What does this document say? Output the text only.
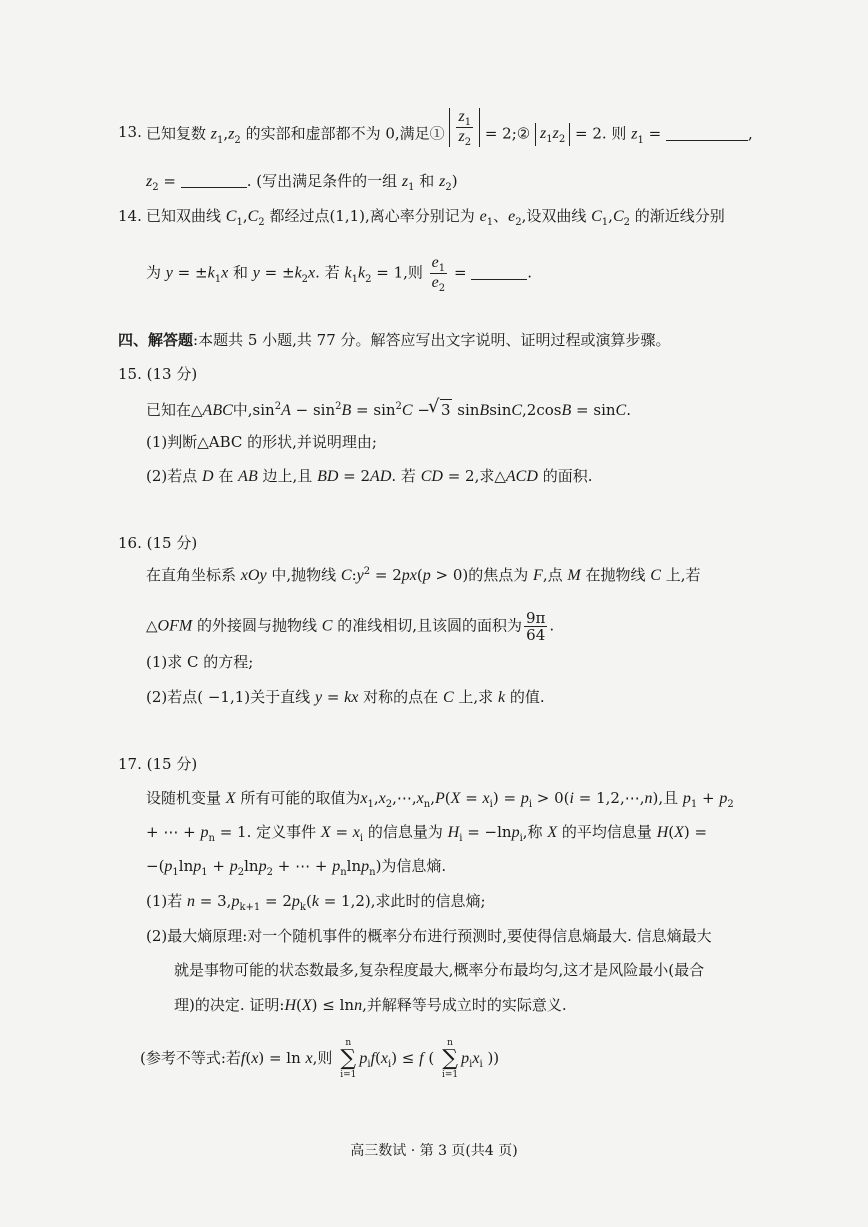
13. 已知复数 $z_1,z_2$ 的实部和虚部都不为 0,满足① $\frac{z_1}{z_2}$ = 2;② $z_1z_2 = 2$. 则 $z_1$ =	,
$z_2$ =	. (写出满足条件的一组 $z_1$ 和 $z_2$)
14. 已知双曲线 $C_1,C_2$ 都经过点(1,1),离心率分别记为 $e_1$、$e_2$,设双曲线 $C_1,C_2$ 的渐近线分别
为 $y = \pm k_1x$ 和 $y = \pm k_2x$. 若 $k_1k_2 = 1$,则 $\frac{e_1}{e_2}$ =	.
四、解答题:本题共 5 小题,共 77 分。解答应写出文字说明、证明过程或演算步骤。
15. (13 分)
已知在△ABC中$,\sin^2A - \sin^2B = \sin^2C$ −√ 3 sinBsinC,2cosB = sinC.
(1)判断△ABC 的形状,并说明理由;
(2)若点 D 在 AB 边上,且 BD = 2AD. 若 CD = 2,求△ACD 的面积.
16. (15 分)
在直角坐标系 xOy 中,抛物线 $C:y^2 = 2px(p > 0)$的焦点为 F,点 M 在抛物线 C 上,若
△OFM 的外接圆与抛物线 C 的准线相切,且该圆的面积为 $\frac{9\pi}{64}$ .
(1)求 C 的方程;
(2)若点( −1,1)关于直线 y = kx 对称的点在 C 上,求 k 的值.
17. (15 分)
设随机变量 X 所有可能的取值为$x_1,x_2,\cdots,x_n,P(X = x_i) = p_i > 0(i$ = 1,2,⋯,n),且 $p_1 + p_2$
+ ⋯ + $p_n = 1$. 定义事件 $X = x_i$ 的信息量为 $H_i = -\ln p_i$,称 X 的平均信息量 H(X) =
$-(p_1\ln p_1 + p_2\ln p_2$ + ⋯ + $p_n\ln p_n$)为信息熵.
(1)若 $n = 3,p_{k+1} = 2p_k(k = 1,2)$,求此时的信息熵;
(2)最大熵原理:对一个随机事件的概率分布进行预测时,要使得信息熵最大. 信息熵最大
就是事物可能的状态数最多,复杂程度最大,概率分布最均匀,这才是风险最小(最合
理)的决定. 证明:H(X) ≤ lnn,并解释等号成立时的实际意义.
(参考不等式:若f(x) = ln x,则
n
∑
i=1
$p_if(x_i) \le f$ (
n
∑
i=1
$p_ix_i$ ))
高三数试 · 第 3 页(共4 页)
